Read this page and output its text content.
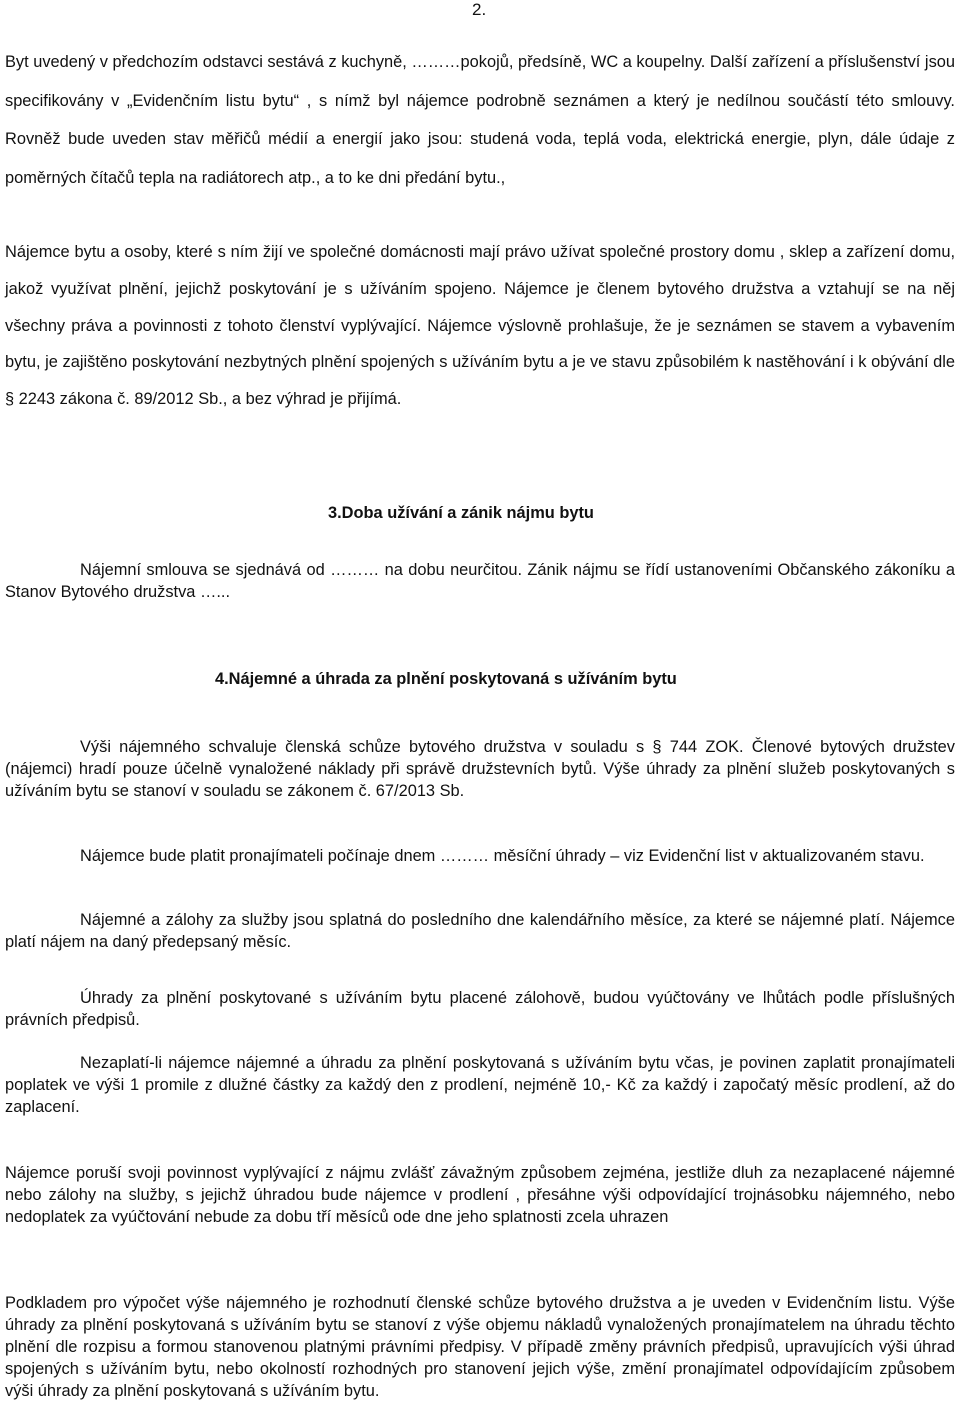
2.

Byt uvedený v předchozím odstavci sestává z kuchyně, ………pokojů, předsíně, WC a koupelny. Další zařízení a příslušenství jsou specifikovány v „Evidenčním listu bytu“ , s nímž byl nájemce podrobně seznámen a který je nedílnou součástí této smlouvy. Rovněž bude uveden stav měřičů médií a energií jako jsou: studená voda, teplá voda, elektrická energie, plyn, dále údaje z poměrných čítačů tepla na radiátorech atp., a to ke dni předání bytu.,

Nájemce bytu a osoby, které s ním žijí ve společné domácnosti mají právo užívat společné prostory domu , sklep a zařízení domu, jakož využívat plnění, jejichž poskytování je s užíváním spojeno. Nájemce je členem bytového družstva a vztahují se na něj všechny práva a povinnosti z tohoto členství vyplývající. Nájemce výslovně prohlašuje, že je seznámen se stavem a vybavením bytu, je zajištěno poskytování nezbytných plnění spojených s užíváním bytu a je ve stavu způsobilém k nastěhování i k obývání dle § 2243 zákona č. 89/2012 Sb., a bez výhrad je přijímá.

3.Doba užívání a zánik nájmu bytu

Nájemní smlouva se sjednává od ……… na dobu neurčitou. Zánik nájmu se řídí ustanoveními Občanského zákoníku a Stanov Bytového družstva …...

4.Nájemné a úhrada za plnění poskytovaná s užíváním bytu

Výši nájemného schvaluje členská schůze bytového družstva v souladu s § 744 ZOK. Členové bytových družstev (nájemci) hradí pouze účelně vynaložené náklady při správě družstevních bytů. Výše úhrady za plnění služeb poskytovaných s užíváním bytu se stanoví v souladu se zákonem č. 67/2013 Sb.

Nájemce bude platit pronajímateli počínaje dnem ……… měsíční úhrady – viz Evidenční list v aktualizovaném stavu.

Nájemné a zálohy za služby jsou splatná do posledního dne kalendářního měsíce, za které se nájemné platí. Nájemce platí nájem na daný předepsaný měsíc.

Úhrady za plnění poskytované s užíváním bytu placené zálohově, budou vyúčtovány ve lhůtách podle příslušných právních předpisů.

Nezaplatí-li nájemce nájemné a úhradu za plnění poskytovaná s užíváním bytu včas, je povinen zaplatit pronajímateli poplatek ve výši 1 promile z dlužné částky za každý den z prodlení, nejméně 10,- Kč za každý i započatý měsíc prodlení, až do zaplacení.

Nájemce poruší svoji povinnost vyplývající z nájmu zvlášť závažným způsobem zejména, jestliže dluh za nezaplacené nájemné nebo zálohy na služby, s jejichž úhradou bude nájemce v prodlení , přesáhne výši odpovídající trojnásobku nájemného, nebo nedoplatek za vyúčtování nebude za dobu tří měsíců ode dne jeho splatnosti zcela uhrazen

Podkladem pro výpočet výše nájemného je rozhodnutí členské schůze bytového družstva a je uveden v Evidenčním listu. Výše úhrady za plnění poskytovaná s užíváním bytu se stanoví z výše objemu nákladů vynaložených pronajímatelem na úhradu těchto plnění dle rozpisu a formou stanovenou platnými právními předpisy. V případě změny právních předpisů, upravujících výši úhrad spojených s užíváním bytu, nebo okolností rozhodných pro stanovení jejich výše, změní pronajímatel odpovídajícím způsobem výši úhrady za plnění poskytovaná s užíváním bytu.
